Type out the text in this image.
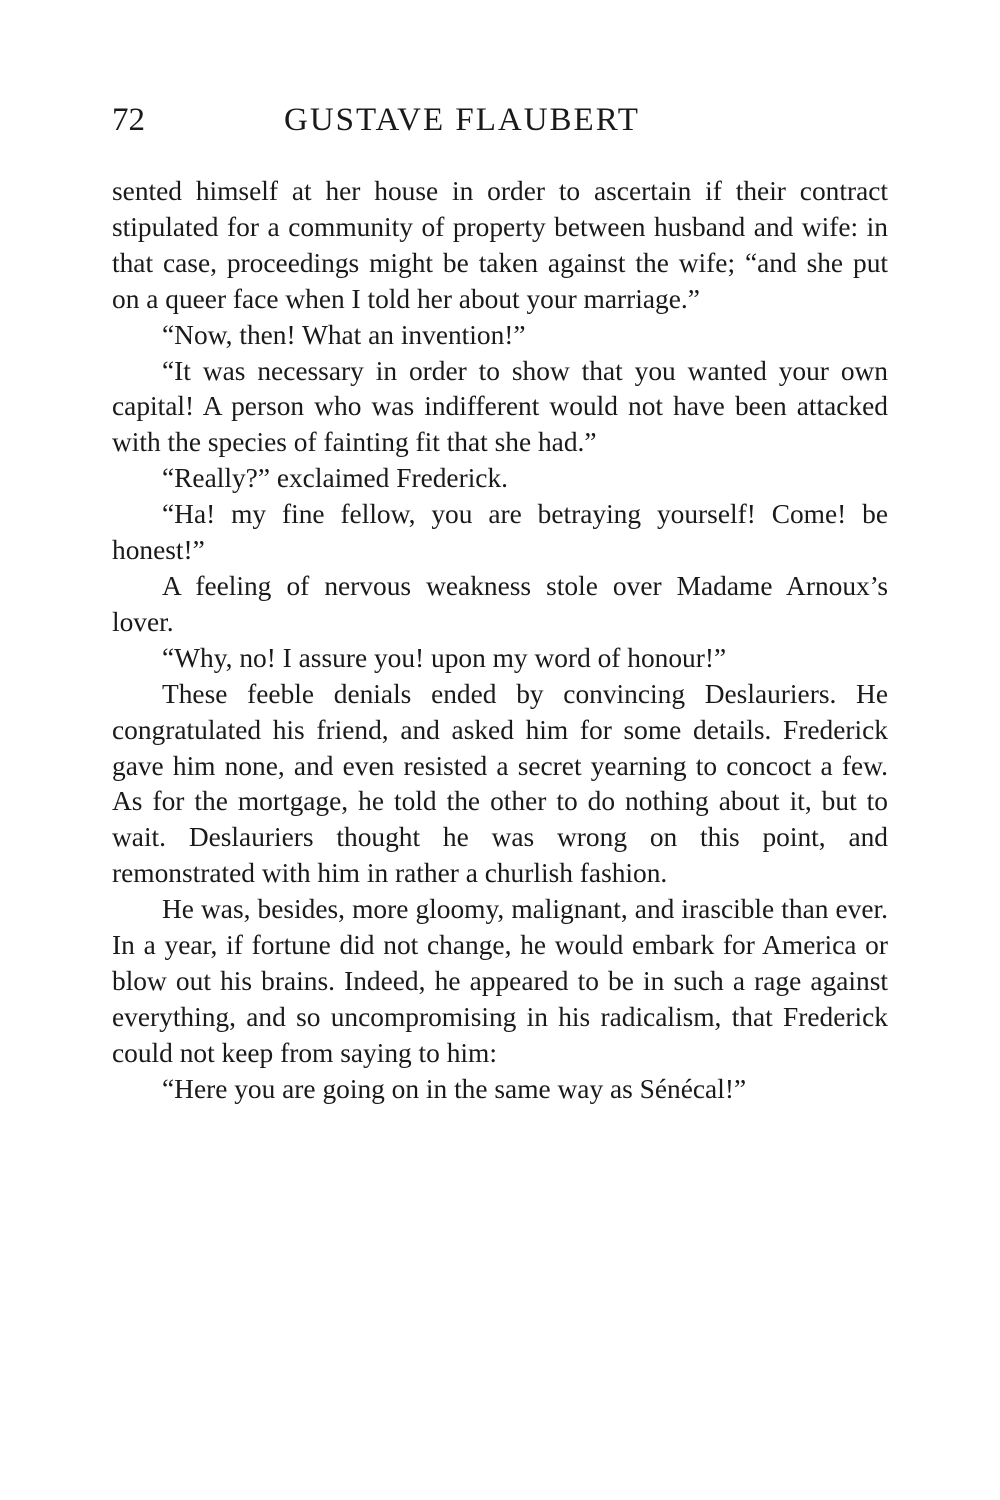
72	GUSTAVE FLAUBERT

sented himself at her house in order to ascertain if their contract stipulated for a community of property between husband and wife: in that case, proceedings might be taken against the wife; “and she put on a queer face when I told her about your marriage.”

“Now, then! What an invention!”

“It was necessary in order to show that you wanted your own capital! A person who was indifferent would not have been attacked with the species of fainting fit that she had.”

“Really?” exclaimed Frederick.

“Ha! my fine fellow, you are betraying yourself! Come! be honest!”

A feeling of nervous weakness stole over Madame Arnoux’s lover.

“Why, no! I assure you! upon my word of honour!”

These feeble denials ended by convincing Deslauriers. He congratulated his friend, and asked him for some details. Frederick gave him none, and even resisted a secret yearning to concoct a few. As for the mortgage, he told the other to do nothing about it, but to wait. Deslauriers thought he was wrong on this point, and remonstrated with him in rather a churlish fashion.

He was, besides, more gloomy, malignant, and irascible than ever. In a year, if fortune did not change, he would embark for America or blow out his brains. Indeed, he appeared to be in such a rage against everything, and so uncompromising in his radicalism, that Frederick could not keep from saying to him:

“Here you are going on in the same way as Sénécal!”
